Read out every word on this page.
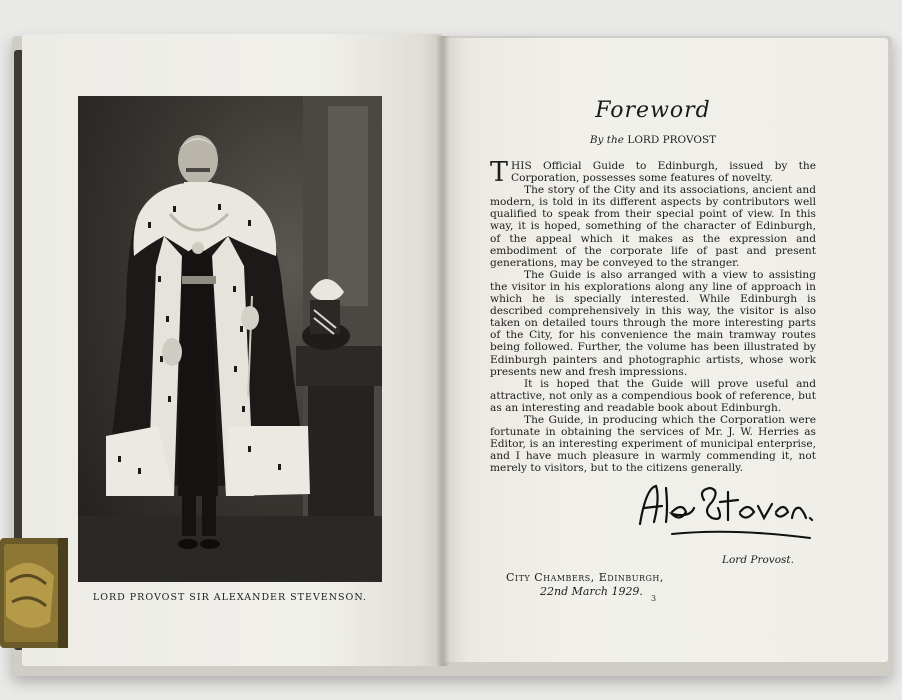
LORD PROVOST SIR ALEXANDER STEVENSON.
Foreword
By the LORD PROVOST

THIS Official Guide to Edinburgh, issued by the Corporation, possesses some features of novelty.

The story of the City and its associations, ancient and modern, is told in its different aspects by contributors well qualified to speak from their special point of view. In this way, it is hoped, something of the character of Edinburgh, of the appeal which it makes as the expression and embodiment of the corporate life of past and present generations, may be conveyed to the stranger.

The Guide is also arranged with a view to assisting the visitor in his explorations along any line of approach in which he is specially interested. While Edinburgh is described comprehensively in this way, the visitor is also taken on detailed tours through the more interesting parts of the City, for his convenience the main tramway routes being followed. Further, the volume has been illustrated by Edinburgh painters and photographic artists, whose work presents new and fresh impressions.

It is hoped that the Guide will prove useful and attractive, not only as a compendious book of reference, but as an interesting and readable book about Edinburgh.

The Guide, in producing which the Corporation were fortunate in obtaining the services of Mr. J. W. Herries as Editor, is an interesting experiment of municipal enterprise, and I have much pleasure in warmly commending it, not merely to visitors, but to the citizens generally.

Lord Provost.
City Chambers, Edinburgh,
22nd March 1929.
3
